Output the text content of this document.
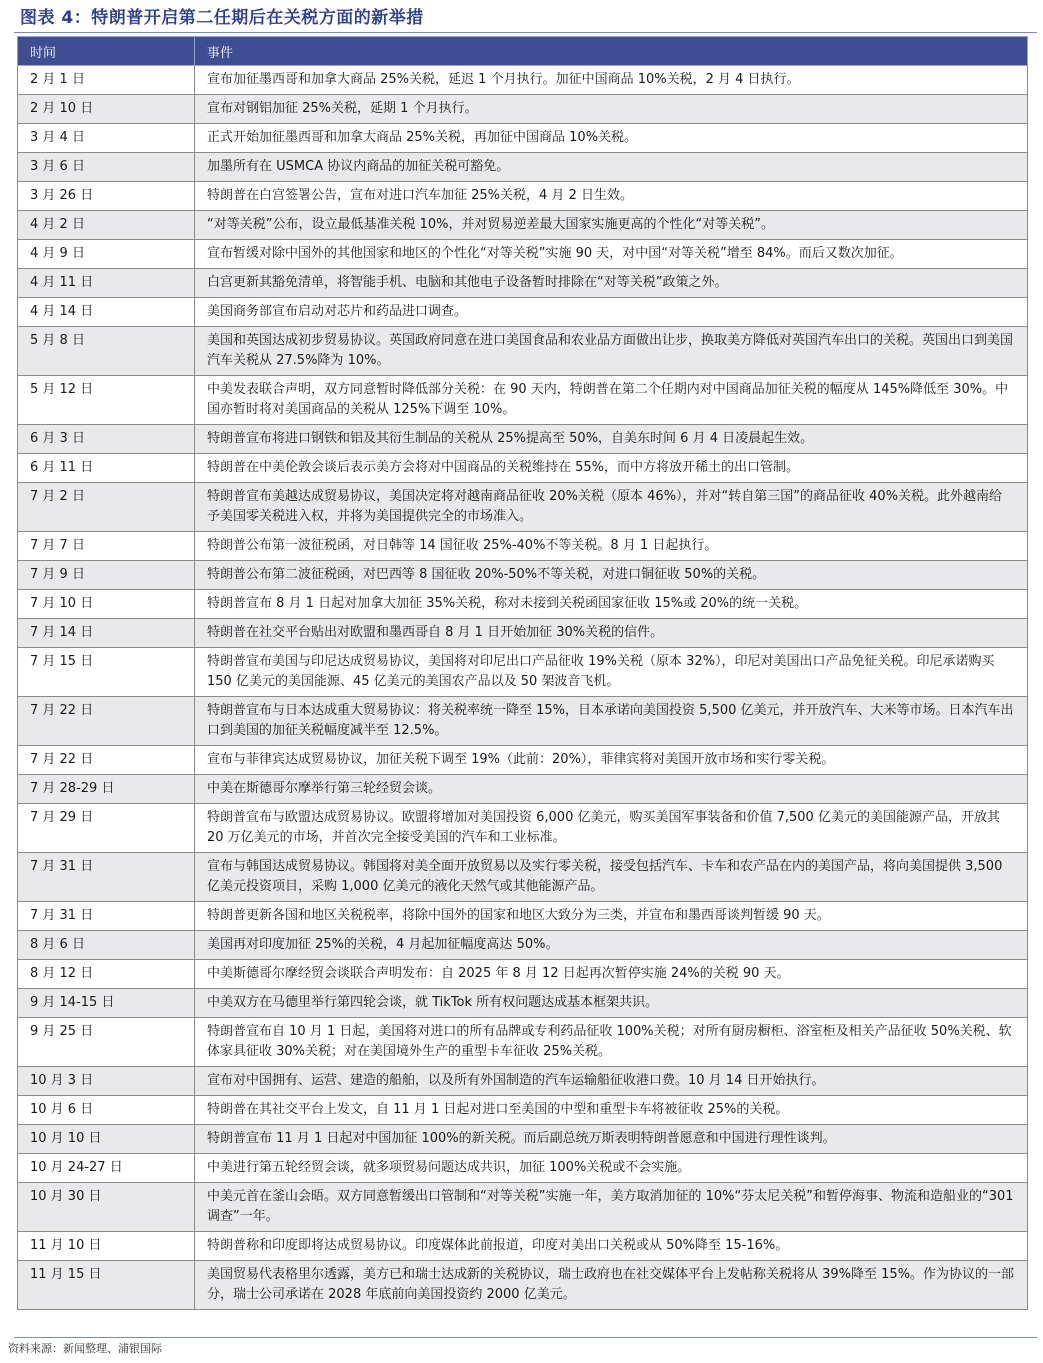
图表 4：特朗普开启第二任期后在关税方面的新举措
时间	事件
2 月 1 日	宣布加征墨西哥和加拿大商品 25%关税，延迟 1 个月执行。加征中国商品 10%关税，2 月 4 日执行。
2 月 10 日	宣布对钢铝加征 25%关税，延期 1 个月执行。
3 月 4 日	正式开始加征墨西哥和加拿大商品 25%关税，再加征中国商品 10%关税。
3 月 6 日	加墨所有在 USMCA 协议内商品的加征关税可豁免。
3 月 26 日	特朗普在白宫签署公告，宣布对进口汽车加征 25%关税，4 月 2 日生效。
4 月 2 日	“对等关税”公布，设立最低基准关税 10%，并对贸易逆差最大国家实施更高的个性化“对等关税”。
4 月 9 日	宣布暂缓对除中国外的其他国家和地区的个性化“对等关税”实施 90 天，对中国“对等关税”增至 84%。而后又数次加征。
4 月 11 日	白宫更新其豁免清单，将智能手机、电脑和其他电子设备暂时排除在“对等关税”政策之外。
4 月 14 日	美国商务部宣布启动对芯片和药品进口调查。
5 月 8 日	美国和英国达成初步贸易协议。英国政府同意在进口美国食品和农业品方面做出让步，换取美方降低对英国汽车出口的关税。英国出口到美国汽车关税从 27.5%降为 10%。
5 月 12 日	中美发表联合声明，双方同意暂时降低部分关税：在 90 天内，特朗普在第二个任期内对中国商品加征关税的幅度从 145%降低至 30%。中国亦暂时将对美国商品的关税从 125%下调至 10%。
6 月 3 日	特朗普宣布将进口钢铁和铝及其衍生制品的关税从 25%提高至 50%，自美东时间 6 月 4 日凌晨起生效。
6 月 11 日	特朗普在中美伦敦会谈后表示美方会将对中国商品的关税维持在 55%，而中方将放开稀土的出口管制。
7 月 2 日	特朗普宣布美越达成贸易协议，美国决定将对越南商品征收 20%关税（原本 46%），并对“转自第三国”的商品征收 40%关税。此外越南给予美国零关税进入权，并将为美国提供完全的市场准入。
7 月 7 日	特朗普公布第一波征税函，对日韩等 14 国征收 25%-40%不等关税。8 月 1 日起执行。
7 月 9 日	特朗普公布第二波征税函，对巴西等 8 国征收 20%-50%不等关税，对进口铜征收 50%的关税。
7 月 10 日	特朗普宣布 8 月 1 日起对加拿大加征 35%关税，称对未接到关税函国家征收 15%或 20%的统一关税。
7 月 14 日	特朗普在社交平台贴出对欧盟和墨西哥自 8 月 1 日开始加征 30%关税的信件。
7 月 15 日	特朗普宣布美国与印尼达成贸易协议，美国将对印尼出口产品征收 19%关税（原本 32%），印尼对美国出口产品免征关税。印尼承诺购买 150 亿美元的美国能源、45 亿美元的美国农产品以及 50 架波音飞机。
7 月 22 日	特朗普宣布与日本达成重大贸易协议：将关税率统一降至 15%，日本承诺向美国投资 5,500 亿美元，并开放汽车、大米等市场。日本汽车出口到美国的加征关税幅度减半至 12.5%。
7 月 22 日	宣布与菲律宾达成贸易协议，加征关税下调至 19%（此前：20%），菲律宾将对美国开放市场和实行零关税。
7 月 28-29 日	中美在斯德哥尔摩举行第三轮经贸会谈。
7 月 29 日	特朗普宣布与欧盟达成贸易协议。欧盟将增加对美国投资 6,000 亿美元，购买美国军事装备和价值 7,500 亿美元的美国能源产品，开放其 20 万亿美元的市场，并首次完全接受美国的汽车和工业标准。
7 月 31 日	宣布与韩国达成贸易协议。韩国将对美全面开放贸易以及实行零关税，接受包括汽车、卡车和农产品在内的美国产品，将向美国提供 3,500 亿美元投资项目，采购 1,000 亿美元的液化天然气或其他能源产品。
7 月 31 日	特朗普更新各国和地区关税税率，将除中国外的国家和地区大致分为三类，并宣布和墨西哥谈判暂缓 90 天。
8 月 6 日	美国再对印度加征 25%的关税，4 月起加征幅度高达 50%。
8 月 12 日	中美斯德哥尔摩经贸会谈联合声明发布：自 2025 年 8 月 12 日起再次暂停实施 24%的关税 90 天。
9 月 14-15 日	中美双方在马德里举行第四轮会谈，就 TikTok 所有权问题达成基本框架共识。
9 月 25 日	特朗普宣布自 10 月 1 日起，美国将对进口的所有品牌或专利药品征收 100%关税；对所有厨房橱柜、浴室柜及相关产品征收 50%关税、软体家具征收 30%关税；对在美国境外生产的重型卡车征收 25%关税。
10 月 3 日	宣布对中国拥有、运营、建造的船舶，以及所有外国制造的汽车运输船征收港口费。10 月 14 日开始执行。
10 月 6 日	特朗普在其社交平台上发文，自 11 月 1 日起对进口至美国的中型和重型卡车将被征收 25%的关税。
10 月 10 日	特朗普宣布 11 月 1 日起对中国加征 100%的新关税。而后副总统万斯表明特朗普愿意和中国进行理性谈判。
10 月 24-27 日	中美进行第五轮经贸会谈，就多项贸易问题达成共识，加征 100%关税或不会实施。
10 月 30 日	中美元首在釜山会晤。双方同意暂缓出口管制和“对等关税”实施一年，美方取消加征的 10%“芬太尼关税”和暂停海事、物流和造船业的“301 调查”一年。
11 月 10 日	特朗普称和印度即将达成贸易协议。印度媒体此前报道，印度对美出口关税或从 50%降至 15-16%。
11 月 15 日	美国贸易代表格里尔透露，美方已和瑞士达成新的关税协议，瑞士政府也在社交媒体平台上发帖称关税将从 39%降至 15%。作为协议的一部分，瑞士公司承诺在 2028 年底前向美国投资约 2000 亿美元。
资料来源：新闻整理、浦银国际
